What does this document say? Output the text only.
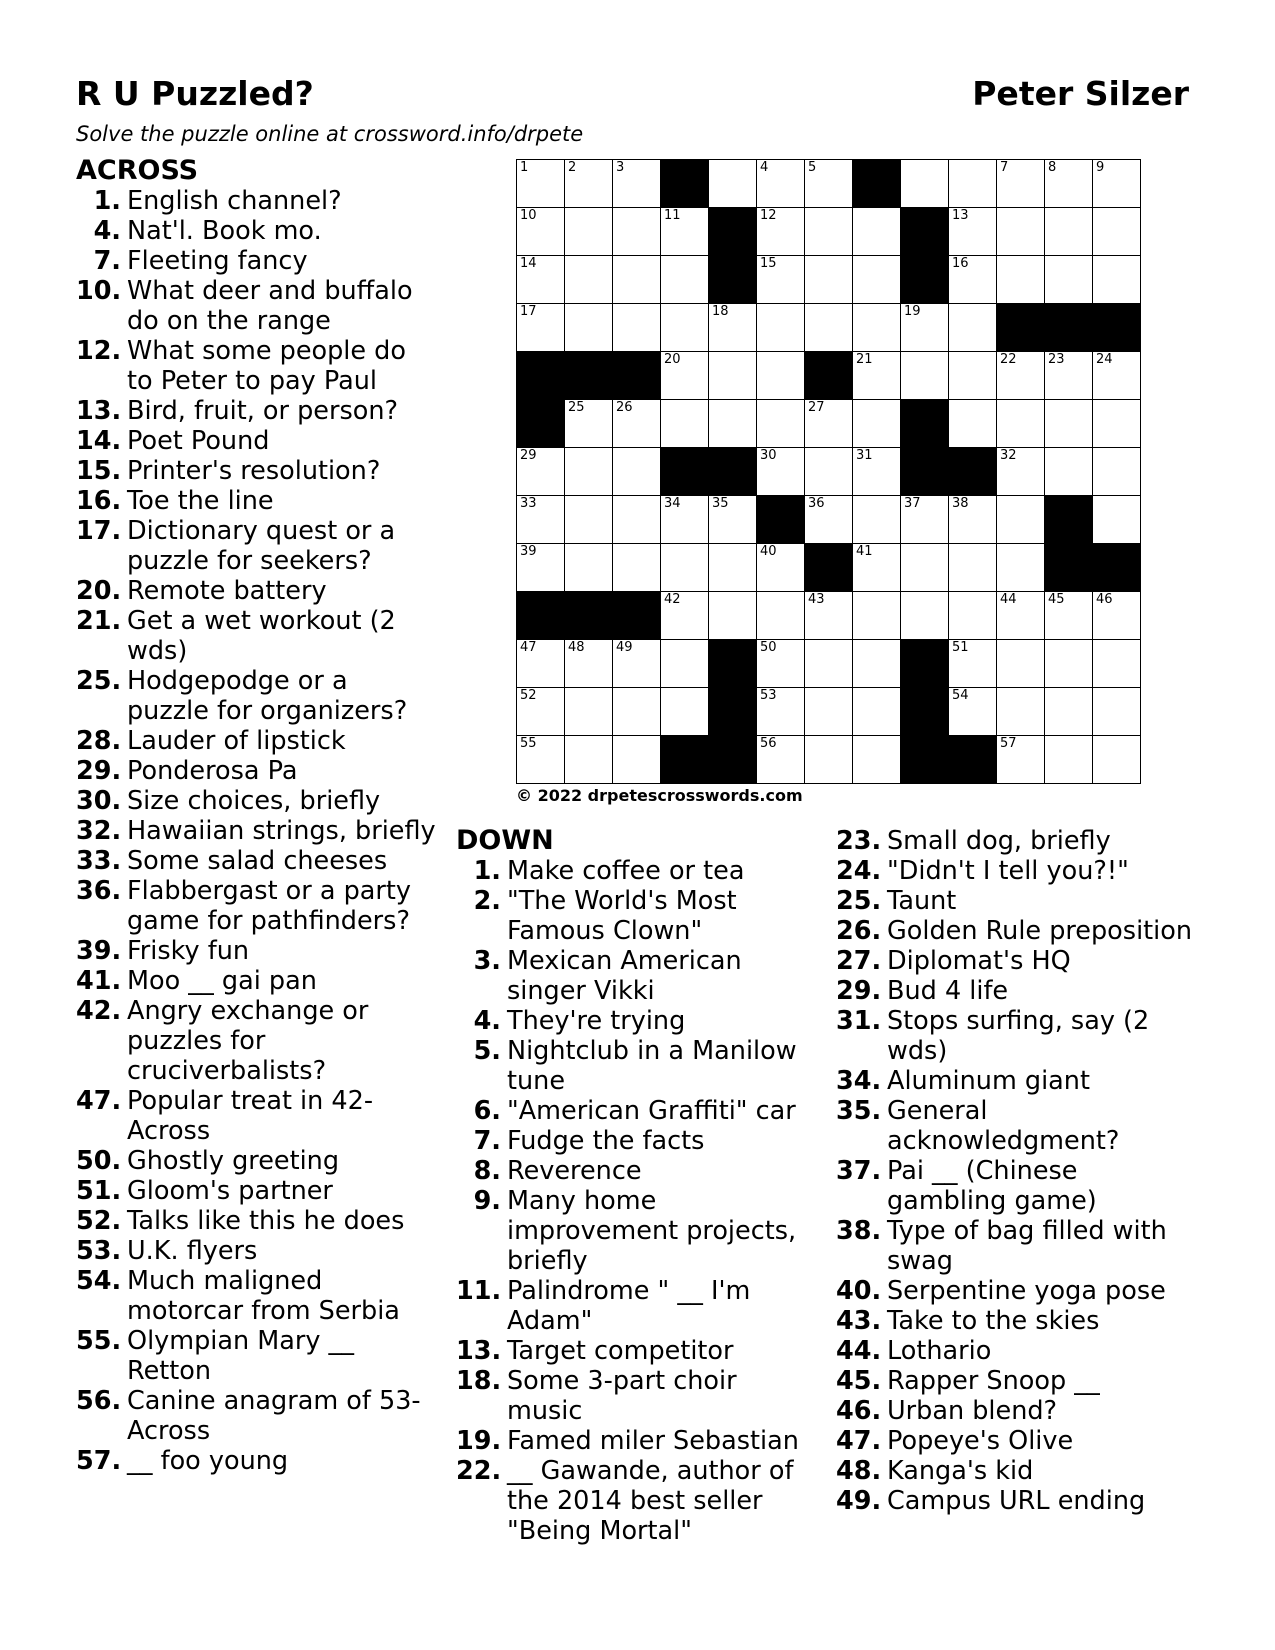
R U Puzzled?	Peter Silzer
Solve the puzzle online at crossword.info/drpete
ACROSS
1. English channel?
4. Nat'l. Book mo.
7. Fleeting fancy
10. What deer and buffalo do on the range
12. What some people do to Peter to pay Paul
13. Bird, fruit, or person?
14. Poet Pound
15. Printer's resolution?
16. Toe the line
17. Dictionary quest or a puzzle for seekers?
20. Remote battery
21. Get a wet workout (2 wds)
25. Hodgepodge or a puzzle for organizers?
28. Lauder of lipstick
29. Ponderosa Pa
30. Size choices, briefly
32. Hawaiian strings, briefly
33. Some salad cheeses
36. Flabbergast or a party game for pathfinders?
39. Frisky fun
41. Moo __ gai pan
42. Angry exchange or puzzles for cruciverbalists?
47. Popular treat in 42-Across
50. Ghostly greeting
51. Gloom's partner
52. Talks like this he does
53. U.K. flyers
54. Much maligned motorcar from Serbia
55. Olympian Mary __ Retton
56. Canine anagram of 53-Across
57. __ foo young
1	2	3	4	5	7	8	9
10	11	12	13
14	15	16
17	18	19
20	21	22 23 24
25 26	27
29	30	31	32
33	34 35	36	37 38
39	40	41
42	43	44 45 46
47 48 49	50	51
52	53	54
55	56	57
© 2022 drpetescrosswords.com
DOWN
1. Make coffee or tea
2. "The World's Most Famous Clown"
3. Mexican American singer Vikki
4. They're trying
5. Nightclub in a Manilow tune
6. "American Graffiti" car
7. Fudge the facts
8. Reverence
9. Many home improvement projects, briefly
11. Palindrome " __ I'm Adam"
13. Target competitor
18. Some 3-part choir music
19. Famed miler Sebastian
22. __ Gawande, author of the 2014 best seller "Being Mortal"
23. Small dog, briefly
24. "Didn't I tell you?!"
25. Taunt
26. Golden Rule preposition
27. Diplomat's HQ
29. Bud 4 life
31. Stops surfing, say (2 wds)
34. Aluminum giant
35. General acknowledgment?
37. Pai __ (Chinese gambling game)
38. Type of bag filled with swag
40. Serpentine yoga pose
43. Take to the skies
44. Lothario
45. Rapper Snoop __
46. Urban blend?
47. Popeye's Olive
48. Kanga's kid
49. Campus URL ending
